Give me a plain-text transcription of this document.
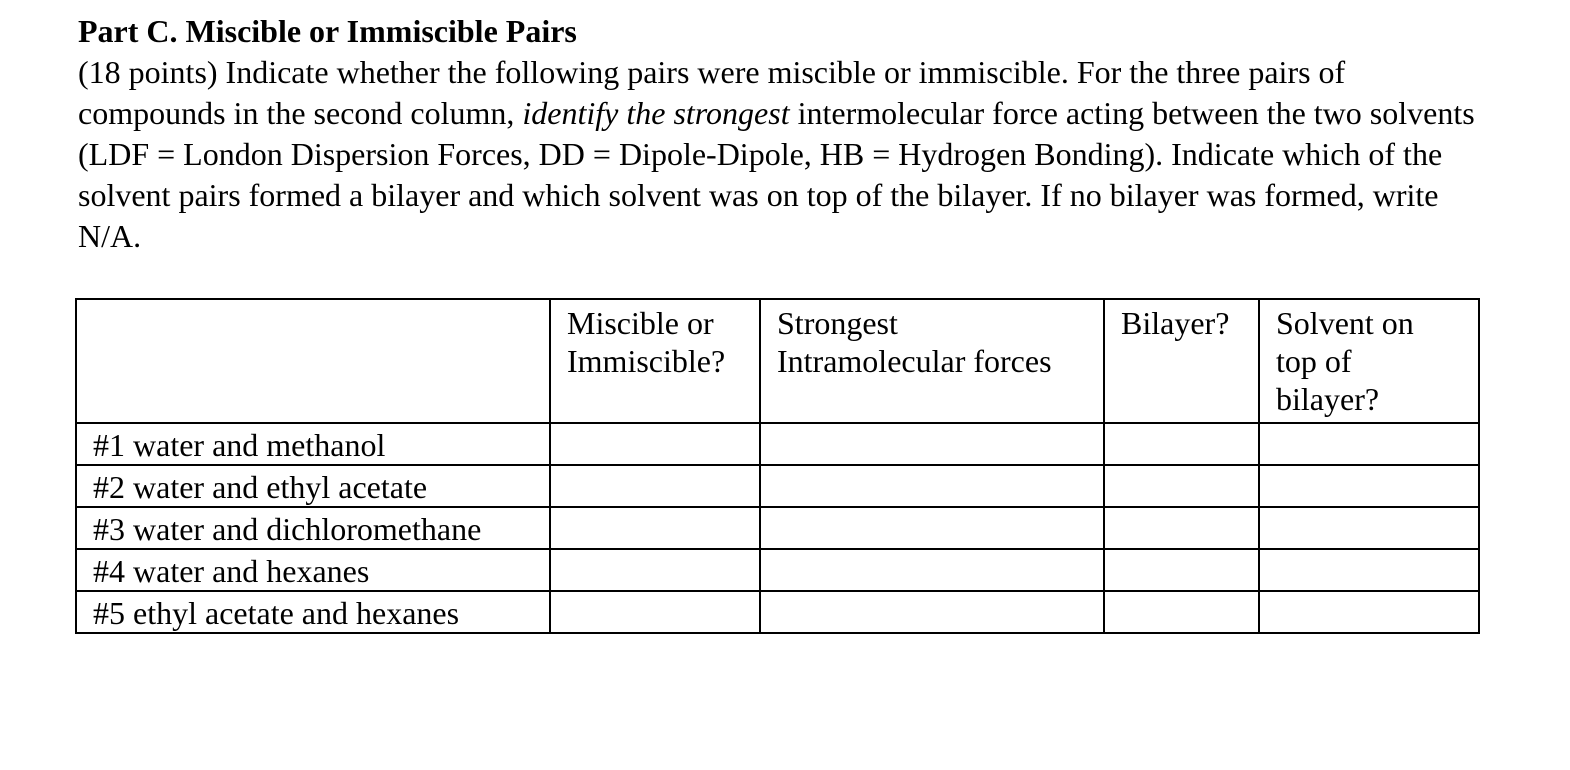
Part C. Miscible or Immiscible Pairs

(18 points) Indicate whether the following pairs were miscible or immiscible. For the three pairs of compounds in the second column, identify the strongest intermolecular force acting between the two solvents (LDF = London Dispersion Forces, DD = Dipole-Dipole, HB = Hydrogen Bonding). Indicate which of the solvent pairs formed a bilayer and which solvent was on top of the bilayer. If no bilayer was formed, write N/A.

	Miscible or Immiscible?	Strongest Intramolecular forces	Bilayer?	Solvent on top of bilayer?
#1 water and methanol				
#2 water and ethyl acetate				
#3 water and dichloromethane				
#4 water and hexanes				
#5 ethyl acetate and hexanes				
